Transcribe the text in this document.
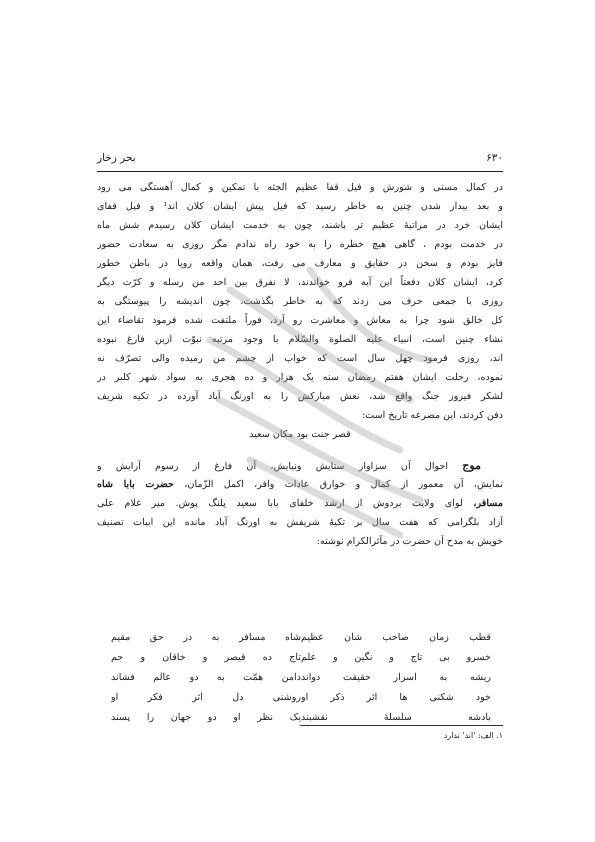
۶۳۰
بحر زخار
در کمال مستی و شورش و فیل قفا عظیم الجثه با تمکین و کمال آهستگی می رود
و بعد بیدار شدن چنین به خاطر رسید که فیل پیش ایشان کلان اند¹ و فیل قفای
ایشان خرد در مراتبهٔ عظیم تر باشند، چون به خدمت ایشان کلان رسیدم شش ماه
در خدمت بودم ، گاهی هیچ خطره را به خود راه ندادم مگر روزی به سعادت حضور
فایز بودم و سخن در حقایق و معارف می رفت، همان واقعه رویا در باطن خطور
کرد، ایشان کلان دفعتاً این آیه فرو خواندند، لا نفرق بین احد من رسله و کرّت دیگر
روزی با جمعی حرف می زدند که به خاطر بگذشت، چون اندیشه را پیوستگی به
کل خالق شود چرا به معاش و معاشرت رو آرد، فوراً ملتفت شده فرمود تقاضاء این
نشاء چنین است، انبیاء علیه الصلوة والسّلام با وجود مرتبه نبوّت ازین فارغ نبوده
اند، روزی فرمود چهل سال است که خواب از چشم من رمیده والی تصرّف نه
نموده، رحلت ایشان هفتم رمضان سنه یک هزار و ده هجری به سواد شهر کلبر در
لشکر فیروز جنگ واقع شد، نعش مبارکش را به اورنگ آباد آورده در تکیه شریف
دفن کردند، این مصرعه تاریخ است:
قصر جنت بود مکان سعید
موج احوال آن سزاوار ستایش ونیایش، آن فارغ از رسوم آرایش و
نمایش، آن معمور از کمال و خوارق عادات وافر، اکمل الزّمان، حضرت بابا شاه
مسافر، لوای ولایت بردوش از ارشد خلفای بابا سعید پلنگ پوش. میر غلام علی
آزاد بلگرامی که هفت سال بر تکیهٔ شریفش به اورنگ آباد مانده این ابیات تصنیف
خویش به مدح آن حضرت در مآثرالکرام نوشته:
قطب زمان صاحب شان عظیم
شاه مسافر به در حق مقیم
خسرو بی تاج و نگین و علم
تاج ده قیصر و خاقان و جم
ریشه به اسرار حقیقت دواند
دامن همّت به دو عالم فشاند
خود شکنی ها اثر ذکر او
روشنی دل اثر فکر او
بادشه سلسلهٔ نقشبند
یک نظر او دو جهان را پسند
۱. الف: 'اند' ندارد
